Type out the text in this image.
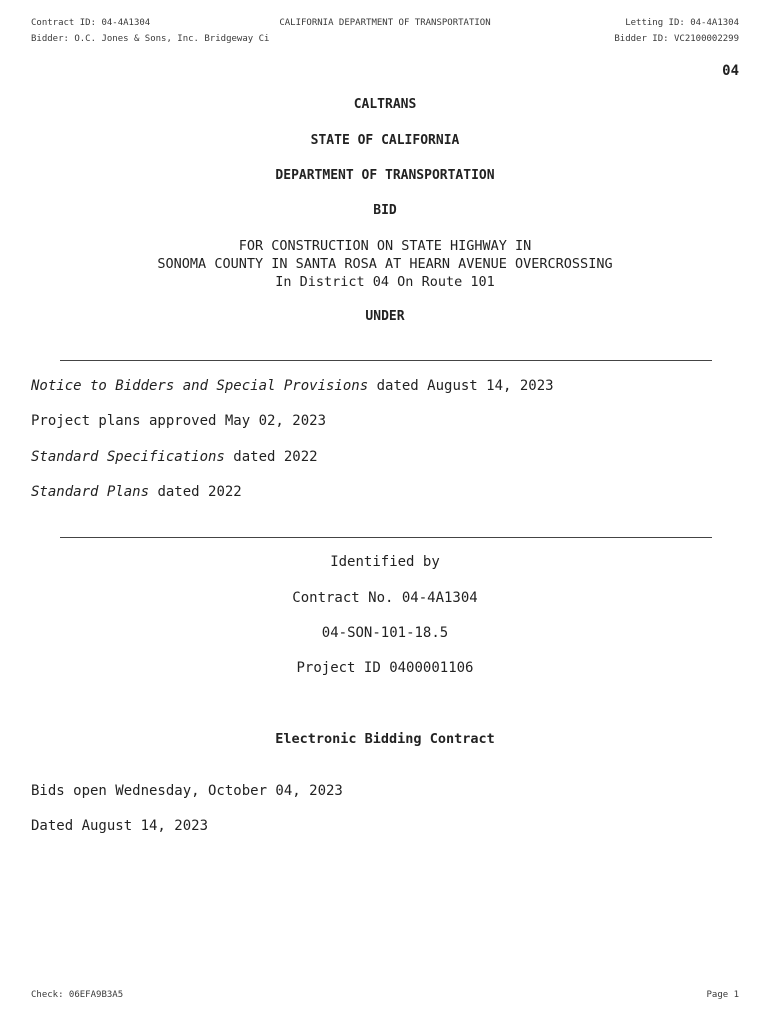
Contract ID: 04-4A1304	CALIFORNIA DEPARTMENT OF TRANSPORTATION	Letting ID: 04-4A1304
Bidder: O.C. Jones & Sons, Inc. Bridgeway Ci	Bidder ID: VC2100002299
04
CALTRANS
STATE OF CALIFORNIA
DEPARTMENT OF TRANSPORTATION
BID
FOR CONSTRUCTION ON STATE HIGHWAY IN
SONOMA COUNTY IN SANTA ROSA AT HEARN AVENUE OVERCROSSING
In District 04 On Route 101
UNDER
Notice to Bidders and Special Provisions dated August 14, 2023
Project plans approved May 02, 2023
Standard Specifications dated 2022
Standard Plans dated 2022
Identified by
Contract No. 04-4A1304
04-SON-101-18.5
Project ID 0400001106
Electronic Bidding Contract
Bids open Wednesday, October 04, 2023
Dated August 14, 2023
Check: 06EFA9B3A5	Page 1
